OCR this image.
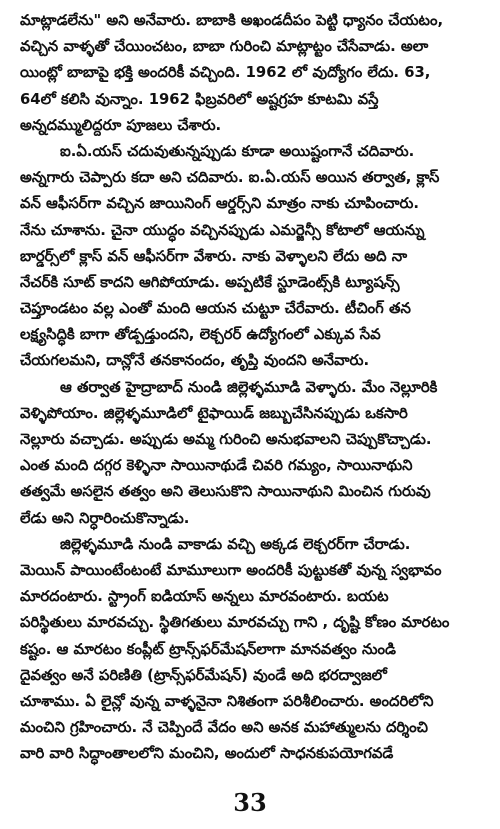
మాట్లాడలేను" అని అనేవారు. బాబాకి అఖండదీపం పెట్టి ధ్యానం చేయటం,
వచ్చిన వాళ్ళతో చేయించటం, బాబా గురించి మాట్లాట్టం చేసేవాడు. అలా
యింట్లో బాబాపై భక్తి అందరికీ వచ్చింది. 1962 లో వుద్యోగం లేదు. 63,
64లో కలిసి వున్నాం. 1962 ఫిబ్రవరిలో అష్టగ్రహ కూటమి వస్తే
అన్నదమ్ములిద్దరూ పూజలు చేశారు.
ఐ.ఏ.యస్ చదువుతున్నప్పుడు కూడా అయిష్టంగానే చదివారు.
అన్నగారు చెప్పారు కదా అని చదివారు. ఐ.ఏ.యస్ అయిన తర్వాత, క్లాస్
వన్ ఆఫీసర్‌గా వచ్చిన జాయినింగ్ ఆర్డర్స్‌ని మాత్రం నాకు చూపించారు.
నేను చూశాను. చైనా యుద్ధం వచ్చినప్పుడు ఎమర్జెన్సీ కోటాలో ఆయన్ను
బార్డర్స్‌లో క్లాస్ వన్ ఆఫీసర్‌గా వేశారు. నాకు వెళ్ళాలని లేదు అది నా
నేచర్‌కి సూట్ కాదని ఆగిపోయాడు. అప్పటికే స్టూడెంట్స్‌కి ట్యూషన్స్
చెప్తూండటం వల్ల ఎంతో మంది ఆయన చుట్టూ చేరేవారు. టీచింగ్ తన
లక్ష్యసిద్ధికి బాగా తోడ్పడ్తుందని, లెక్చరర్ ఉద్యోగంలో ఎక్కువ సేవ
చేయగలమని, దాన్లోనే తనకానందం, తృప్తి వుందని అనేవారు.
ఆ తర్వాత హైద్రాబాద్ నుండి జిల్లెళ్ళమూడి వెళ్ళారు. మేం నెల్లూరికి
వెళ్ళిపోయాం. జిల్లెళ్ళమూడిలో టైఫాయిడ్ జబ్బుచేసినప్పుడు ఒకసారి
నెల్లూరు వచ్చాడు. అప్పుడు అమ్మ గురించి అనుభవాలని చెప్పుకొచ్చాడు.
ఎంత మంది దగ్గర కెళ్ళినా సాయినాథుడే చివరి గమ్యం, సాయినాథుని
తత్వమే అసలైన తత్వం అని తెలుసుకొని సాయినాథుని మించిన గురువు
లేడు అని నిర్ధారించుకొన్నాడు.
జిల్లెళ్ళమూడి నుండి వాకాడు వచ్చి అక్కడ లెక్చరర్‌గా చేరాడు.
మెయిన్ పాయింటేంటంటే మామూలుగా అందరికీ పుట్టుకతో వున్న స్వభావం
మారదంటారు. స్ట్రాంగ్ ఐడియాస్ అన్నలు మారవంటారు. బయట
పరిస్థితులు మారవచ్చు. స్థితిగతులు మారవచ్చు గాని , దృష్టి కోణం మారటం
కష్టం. ఆ మారటం కంప్లీట్ ట్రాన్స్‌ఫర్‌మేషన్‌లాగా మానవత్వం నుండి
దైవత్వం అనే పరిణితి (ట్రాన్స్‌ఫర్‌మేషన్) వుండే అది భరద్వాజలో
చూశాము. ఏ లైన్లో వున్న వాళ్ళనైనా నిశితంగా పరిశీలించారు. అందరిలోని
మంచిని గ్రహించారు. నే చెప్పిందే వేదం అని అనక మహాత్ములను దర్శించి
వారి వారి సిద్ధాంతాలలోని మంచిని, అందులో సాధనకుపయోగవడే
33
